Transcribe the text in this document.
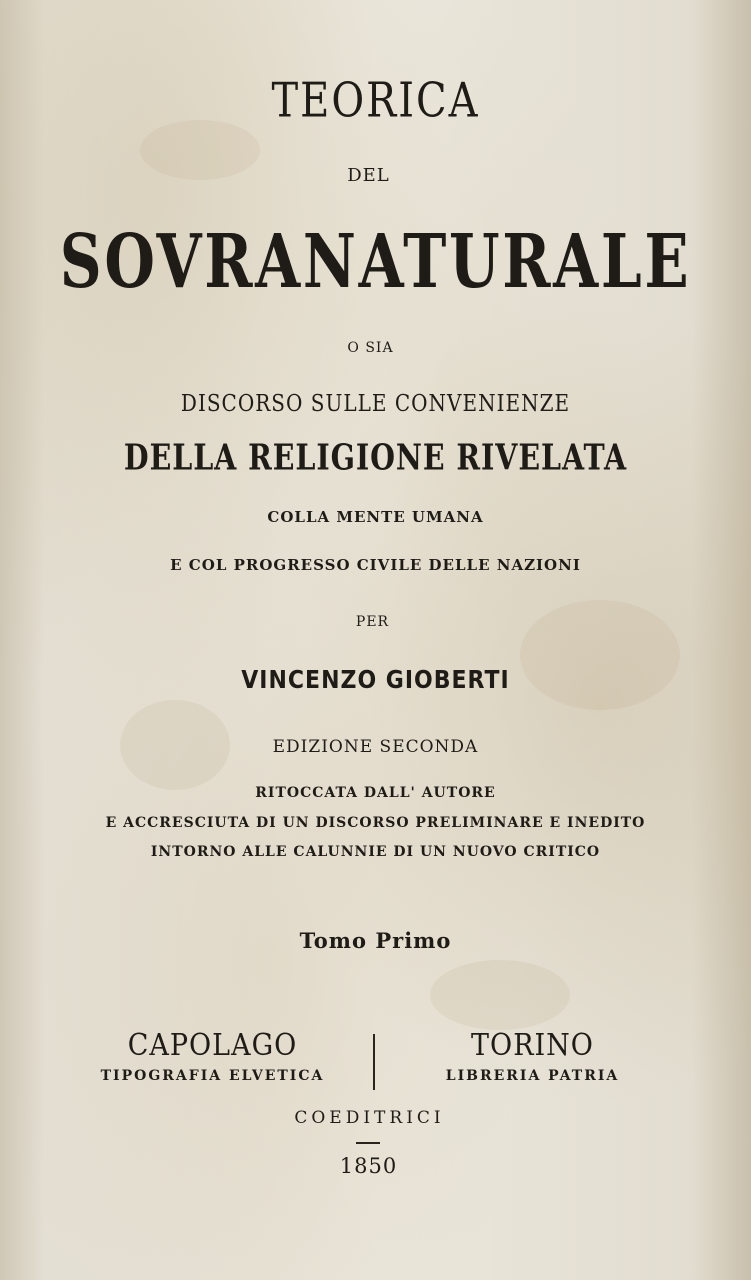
TEORICA
DEL
SOVRANATURALE
O SIA
DISCORSO SULLE CONVENIENZE
DELLA RELIGIONE RIVELATA
COLLA MENTE UMANA
E COL PROGRESSO CIVILE DELLE NAZIONI
PER
VINCENZO GIOBERTI
EDIZIONE SECONDA
RITOCCATA DALL' AUTORE
E ACCRESCIUTA DI UN DISCORSO PRELIMINARE E INEDITO
INTORNO ALLE CALUNNIE DI UN NUOVO CRITICO
Tomo Primo
CAPOLAGO
TIPOGRAFIA ELVETICA
TORINO
LIBRERIA PATRIA
COEDITRICI
1850
